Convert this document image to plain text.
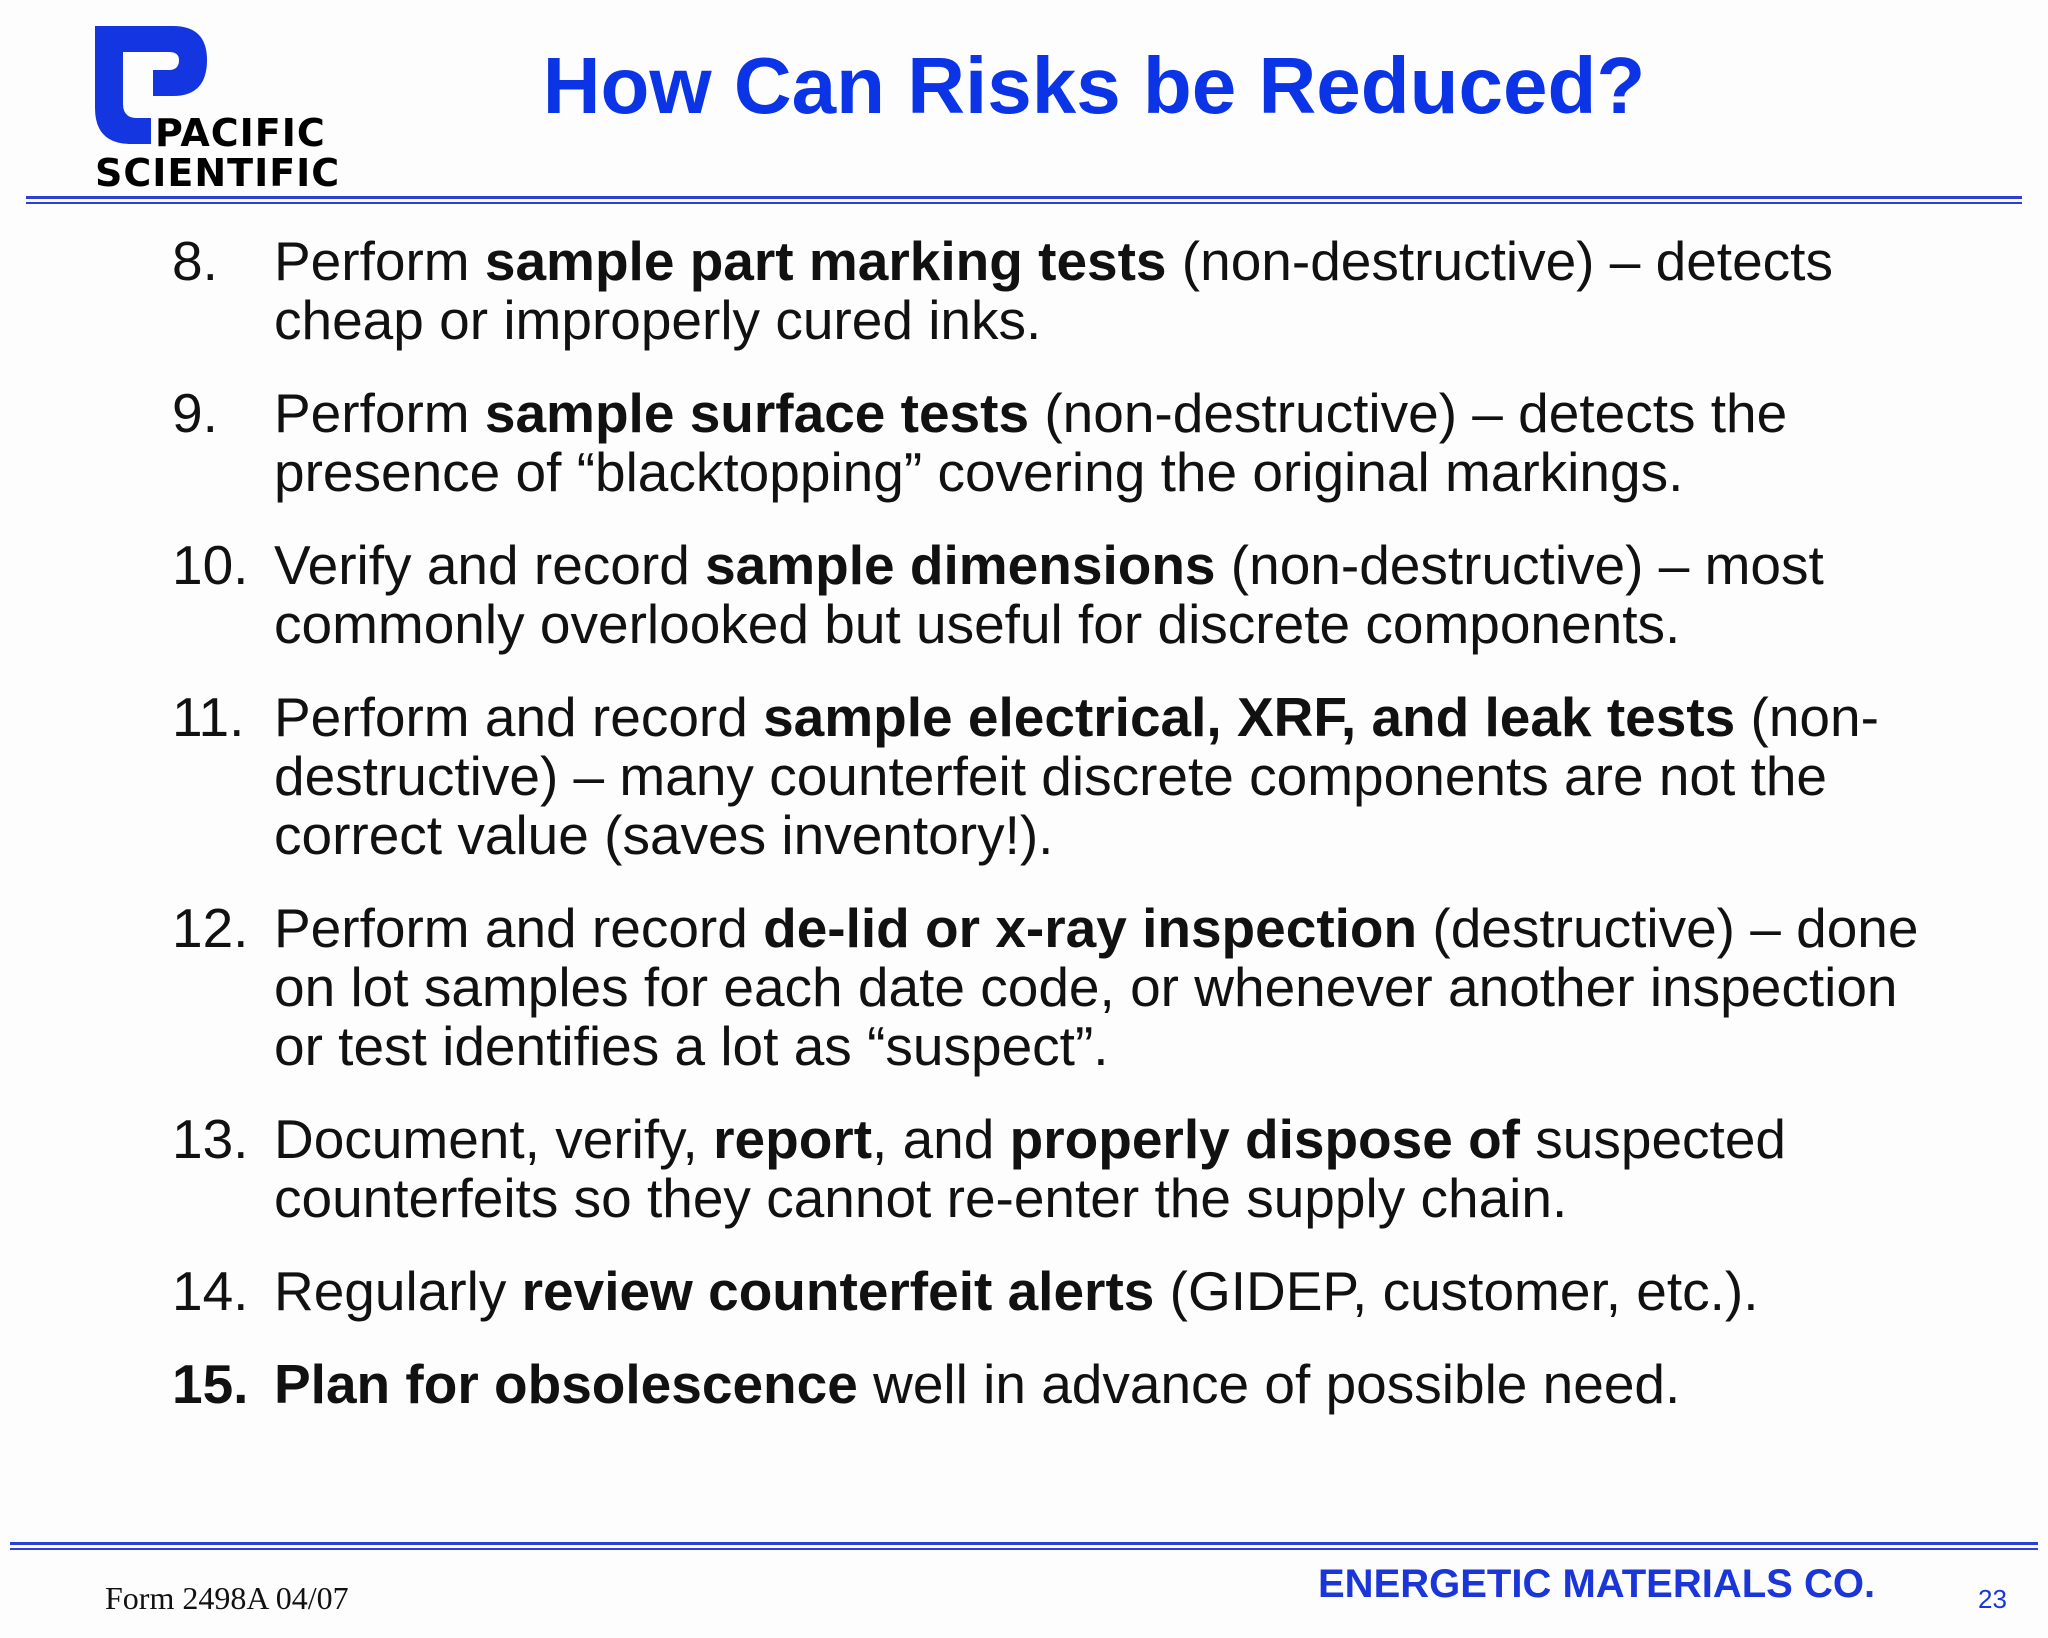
PACIFIC
SCIENTIFIC
How Can Risks be Reduced?
8.	Perform sample part marking tests (non-destructive) – detects cheap or improperly cured inks.
9.	Perform sample surface tests (non-destructive) – detects the presence of “blacktopping” covering the original markings.
10. Verify and record sample dimensions (non-destructive) – most commonly overlooked but useful for discrete components.
11. Perform and record sample electrical, XRF, and leak tests (non-destructive) – many counterfeit discrete components are not the correct value (saves inventory!).
12. Perform and record de-lid or x-ray inspection (destructive) – done on lot samples for each date code, or whenever another inspection or test identifies a lot as “suspect”.
13. Document, verify, report, and properly dispose of suspected counterfeits so they cannot re-enter the supply chain.
14. Regularly review counterfeit alerts (GIDEP, customer, etc.).
15. Plan for obsolescence well in advance of possible need.
Form 2498A 04/07	ENERGETIC MATERIALS CO.	23
